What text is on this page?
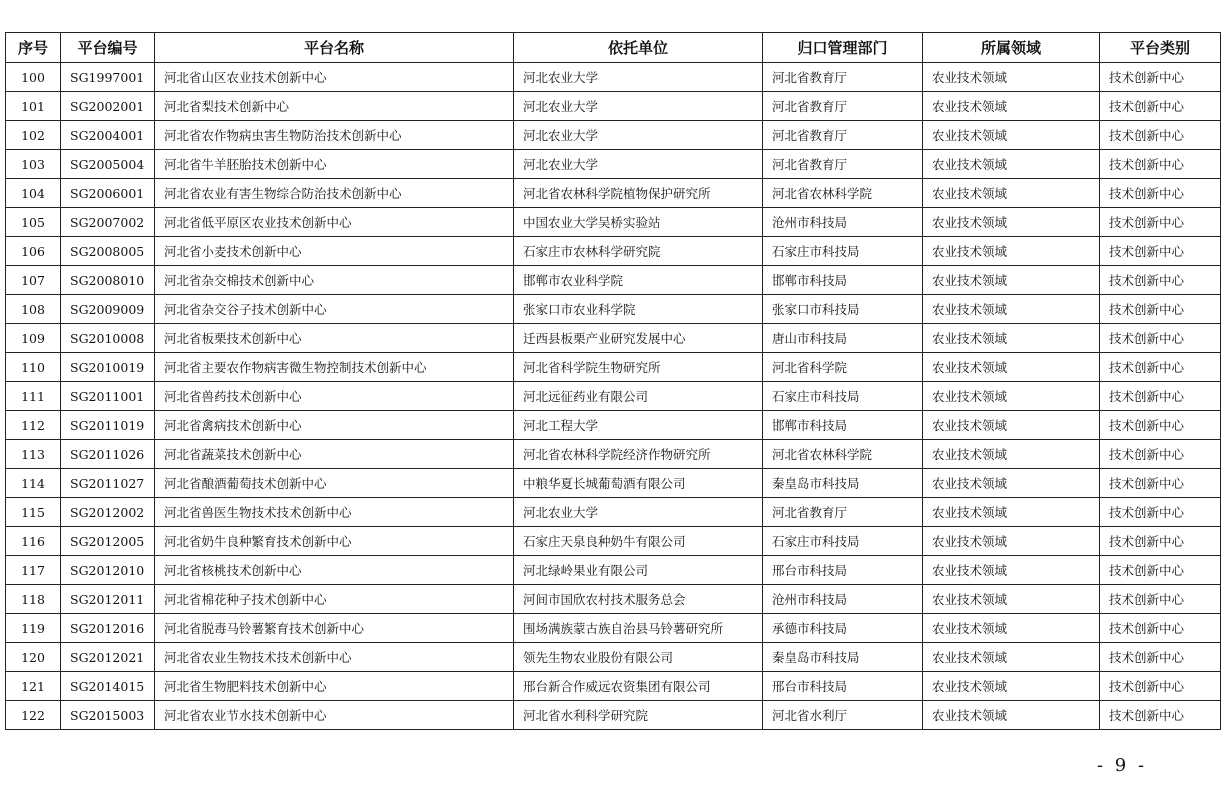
序号	平台编号	平台名称	依托单位	归口管理部门	所属领域	平台类别
100	SG1997001	河北省山区农业技术创新中心	河北农业大学	河北省教育厅	农业技术领域	技术创新中心
101	SG2002001	河北省梨技术创新中心	河北农业大学	河北省教育厅	农业技术领域	技术创新中心
102	SG2004001	河北省农作物病虫害生物防治技术创新中心	河北农业大学	河北省教育厅	农业技术领域	技术创新中心
103	SG2005004	河北省牛羊胚胎技术创新中心	河北农业大学	河北省教育厅	农业技术领域	技术创新中心
104	SG2006001	河北省农业有害生物综合防治技术创新中心	河北省农林科学院植物保护研究所	河北省农林科学院	农业技术领域	技术创新中心
105	SG2007002	河北省低平原区农业技术创新中心	中国农业大学吴桥实验站	沧州市科技局	农业技术领域	技术创新中心
106	SG2008005	河北省小麦技术创新中心	石家庄市农林科学研究院	石家庄市科技局	农业技术领域	技术创新中心
107	SG2008010	河北省杂交棉技术创新中心	邯郸市农业科学院	邯郸市科技局	农业技术领域	技术创新中心
108	SG2009009	河北省杂交谷子技术创新中心	张家口市农业科学院	张家口市科技局	农业技术领域	技术创新中心
109	SG2010008	河北省板栗技术创新中心	迁西县板栗产业研究发展中心	唐山市科技局	农业技术领域	技术创新中心
110	SG2010019	河北省主要农作物病害微生物控制技术创新中心	河北省科学院生物研究所	河北省科学院	农业技术领域	技术创新中心
111	SG2011001	河北省兽药技术创新中心	河北远征药业有限公司	石家庄市科技局	农业技术领域	技术创新中心
112	SG2011019	河北省禽病技术创新中心	河北工程大学	邯郸市科技局	农业技术领域	技术创新中心
113	SG2011026	河北省蔬菜技术创新中心	河北省农林科学院经济作物研究所	河北省农林科学院	农业技术领域	技术创新中心
114	SG2011027	河北省酿酒葡萄技术创新中心	中粮华夏长城葡萄酒有限公司	秦皇岛市科技局	农业技术领域	技术创新中心
115	SG2012002	河北省兽医生物技术技术创新中心	河北农业大学	河北省教育厅	农业技术领域	技术创新中心
116	SG2012005	河北省奶牛良种繁育技术创新中心	石家庄天泉良种奶牛有限公司	石家庄市科技局	农业技术领域	技术创新中心
117	SG2012010	河北省核桃技术创新中心	河北绿岭果业有限公司	邢台市科技局	农业技术领域	技术创新中心
118	SG2012011	河北省棉花种子技术创新中心	河间市国欣农村技术服务总会	沧州市科技局	农业技术领域	技术创新中心
119	SG2012016	河北省脱毒马铃薯繁育技术创新中心	围场满族蒙古族自治县马铃薯研究所	承德市科技局	农业技术领域	技术创新中心
120	SG2012021	河北省农业生物技术技术创新中心	领先生物农业股份有限公司	秦皇岛市科技局	农业技术领域	技术创新中心
121	SG2014015	河北省生物肥料技术创新中心	邢台新合作威远农资集团有限公司	邢台市科技局	农业技术领域	技术创新中心
122	SG2015003	河北省农业节水技术创新中心	河北省水利科学研究院	河北省水利厅	农业技术领域	技术创新中心
- 9 -
